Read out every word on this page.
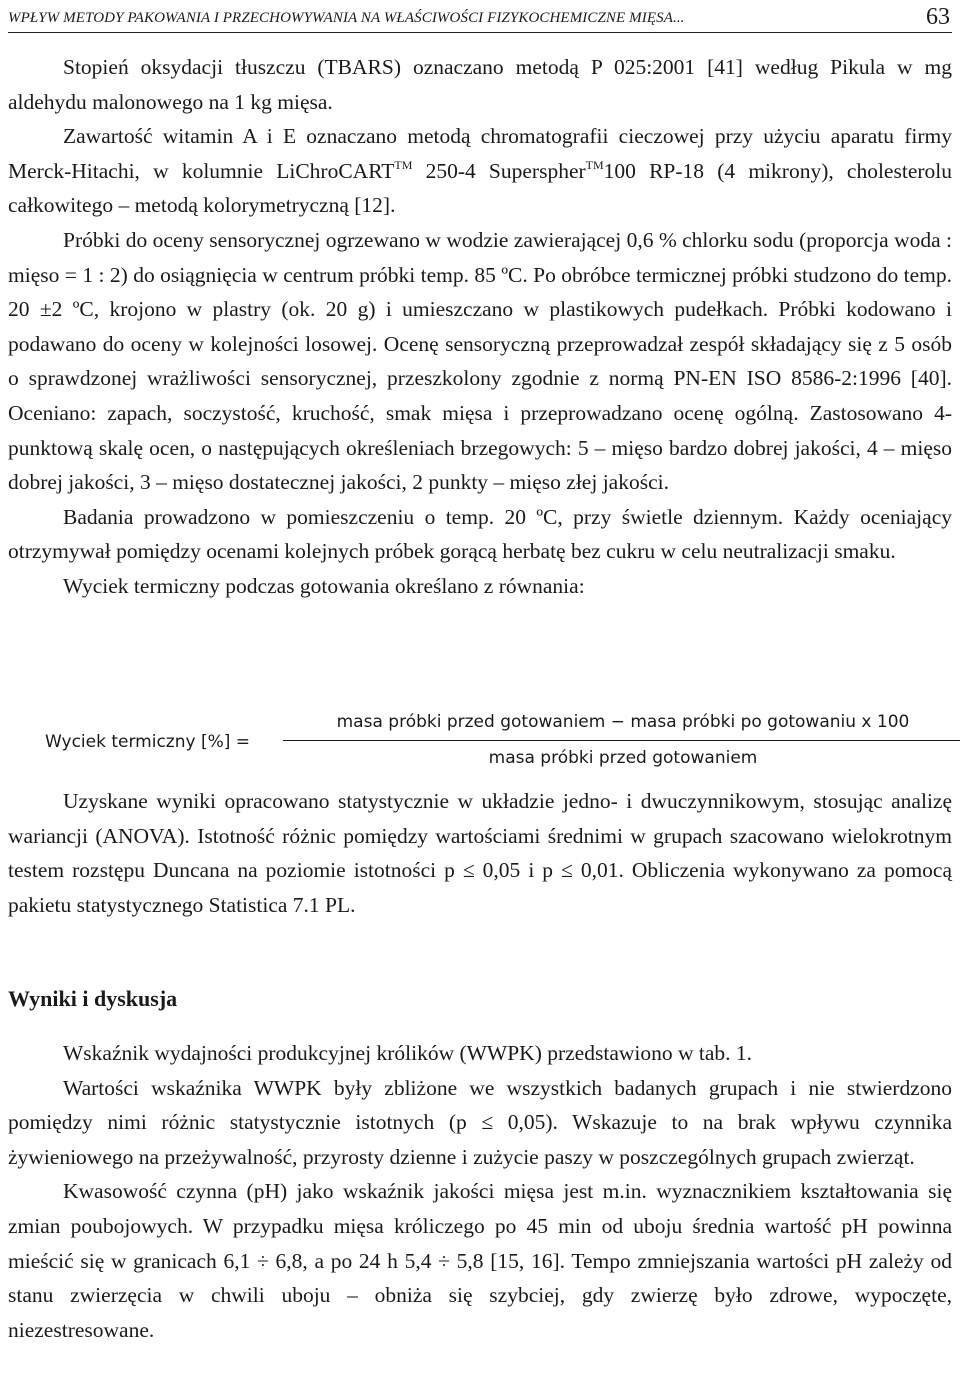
WPŁYW METODY PAKOWANIA I PRZECHOWYWANIA NA WŁAŚCIWOŚCI FIZYKOCHEMICZNE MIĘSA...	63

Stopień oksydacji tłuszczu (TBARS) oznaczano metodą P 025:2001 [41] według Pikula w mg aldehydu malonowego na 1 kg mięsa.

Zawartość witamin A i E oznaczano metodą chromatografii cieczowej przy użyciu aparatu firmy Merck-Hitachi, w kolumnie LiChroCART™ 250-4 Superspher™100 RP-18 (4 mikrony), cholesterolu całkowitego – metodą kolorymetryczną [12].

Próbki do oceny sensorycznej ogrzewano w wodzie zawierającej 0,6 % chlorku sodu (proporcja woda : mięso = 1 : 2) do osiągnięcia w centrum próbki temp. 85 ºC. Po obróbce termicznej próbki studzono do temp. 20 ±2 ºC, krojono w plastry (ok. 20 g) i umieszczano w plastikowych pudełkach. Próbki kodowano i podawano do oceny w kolejności losowej. Ocenę sensoryczną przeprowadzał zespół składający się z 5 osób o sprawdzonej wrażliwości sensorycznej, przeszkolony zgodnie z normą PN-EN ISO 8586-2:1996 [40]. Oceniano: zapach, soczystość, kruchość, smak mięsa i przeprowadzano ocenę ogólną. Zastosowano 4-punktową skalę ocen, o następujących określeniach brzegowych: 5 – mięso bardzo dobrej jakości, 4 – mięso dobrej jakości, 3 – mięso dostatecznej jakości, 2 punkty – mięso złej jakości.

Badania prowadzono w pomieszczeniu o temp. 20 ºC, przy świetle dziennym. Każdy oceniający otrzymywał pomiędzy ocenami kolejnych próbek gorącą herbatę bez cukru w celu neutralizacji smaku.

Wyciek termiczny podczas gotowania określano z równania:

Wyciek termiczny [%] =
masa próbki przed gotowaniem − masa próbki po gotowaniu x 100
masa próbki przed gotowaniem

Uzyskane wyniki opracowano statystycznie w układzie jedno- i dwuczynnikowym, stosując analizę wariancji (ANOVA). Istotność różnic pomiędzy wartościami średnimi w grupach szacowano wielokrotnym testem rozstępu Duncana na poziomie istotności p ≤ 0,05 i p ≤ 0,01. Obliczenia wykonywano za pomocą pakietu statystycznego Statistica 7.1 PL.

Wyniki i dyskusja

Wskaźnik wydajności produkcyjnej królików (WWPK) przedstawiono w tab. 1.

Wartości wskaźnika WWPK były zbliżone we wszystkich badanych grupach i nie stwierdzono pomiędzy nimi różnic statystycznie istotnych (p ≤ 0,05). Wskazuje to na brak wpływu czynnika żywieniowego na przeżywalność, przyrosty dzienne i zużycie paszy w poszczególnych grupach zwierząt.

Kwasowość czynna (pH) jako wskaźnik jakości mięsa jest m.in. wyznacznikiem kształtowania się zmian poubojowych. W przypadku mięsa króliczego po 45 min od uboju średnia wartość pH powinna mieścić się w granicach 6,1 ÷ 6,8, a po 24 h 5,4 ÷ 5,8 [15, 16]. Tempo zmniejszania wartości pH zależy od stanu zwierzęcia w chwili uboju – obniża się szybciej, gdy zwierzę było zdrowe, wypoczęte, niezestresowane.
